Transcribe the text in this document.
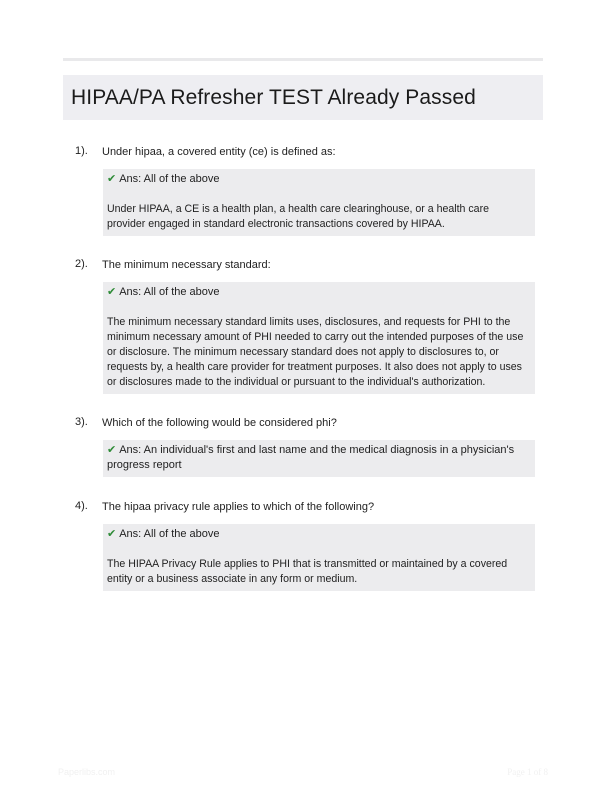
HIPAA/PA Refresher TEST Already Passed
1). Under hipaa, a covered entity (ce) is defined as:
✔ Ans: All of the above
Under HIPAA, a CE is a health plan, a health care clearinghouse, or a health care provider engaged in standard electronic transactions covered by HIPAA.
2). The minimum necessary standard:
✔ Ans: All of the above
The minimum necessary standard limits uses, disclosures, and requests for PHI to the minimum necessary amount of PHI needed to carry out the intended purposes of the use or disclosure. The minimum necessary standard does not apply to disclosures to, or requests by, a health care provider for treatment purposes. It also does not apply to uses or disclosures made to the individual or pursuant to the individual's authorization.
3). Which of the following would be considered phi?
✔ Ans: An individual's first and last name and the medical diagnosis in a physician's progress report
4). The hipaa privacy rule applies to which of the following?
✔ Ans: All of the above
The HIPAA Privacy Rule applies to PHI that is transmitted or maintained by a covered entity or a business associate in any form or medium.
Paperlibs.com	Page 1 of 8
